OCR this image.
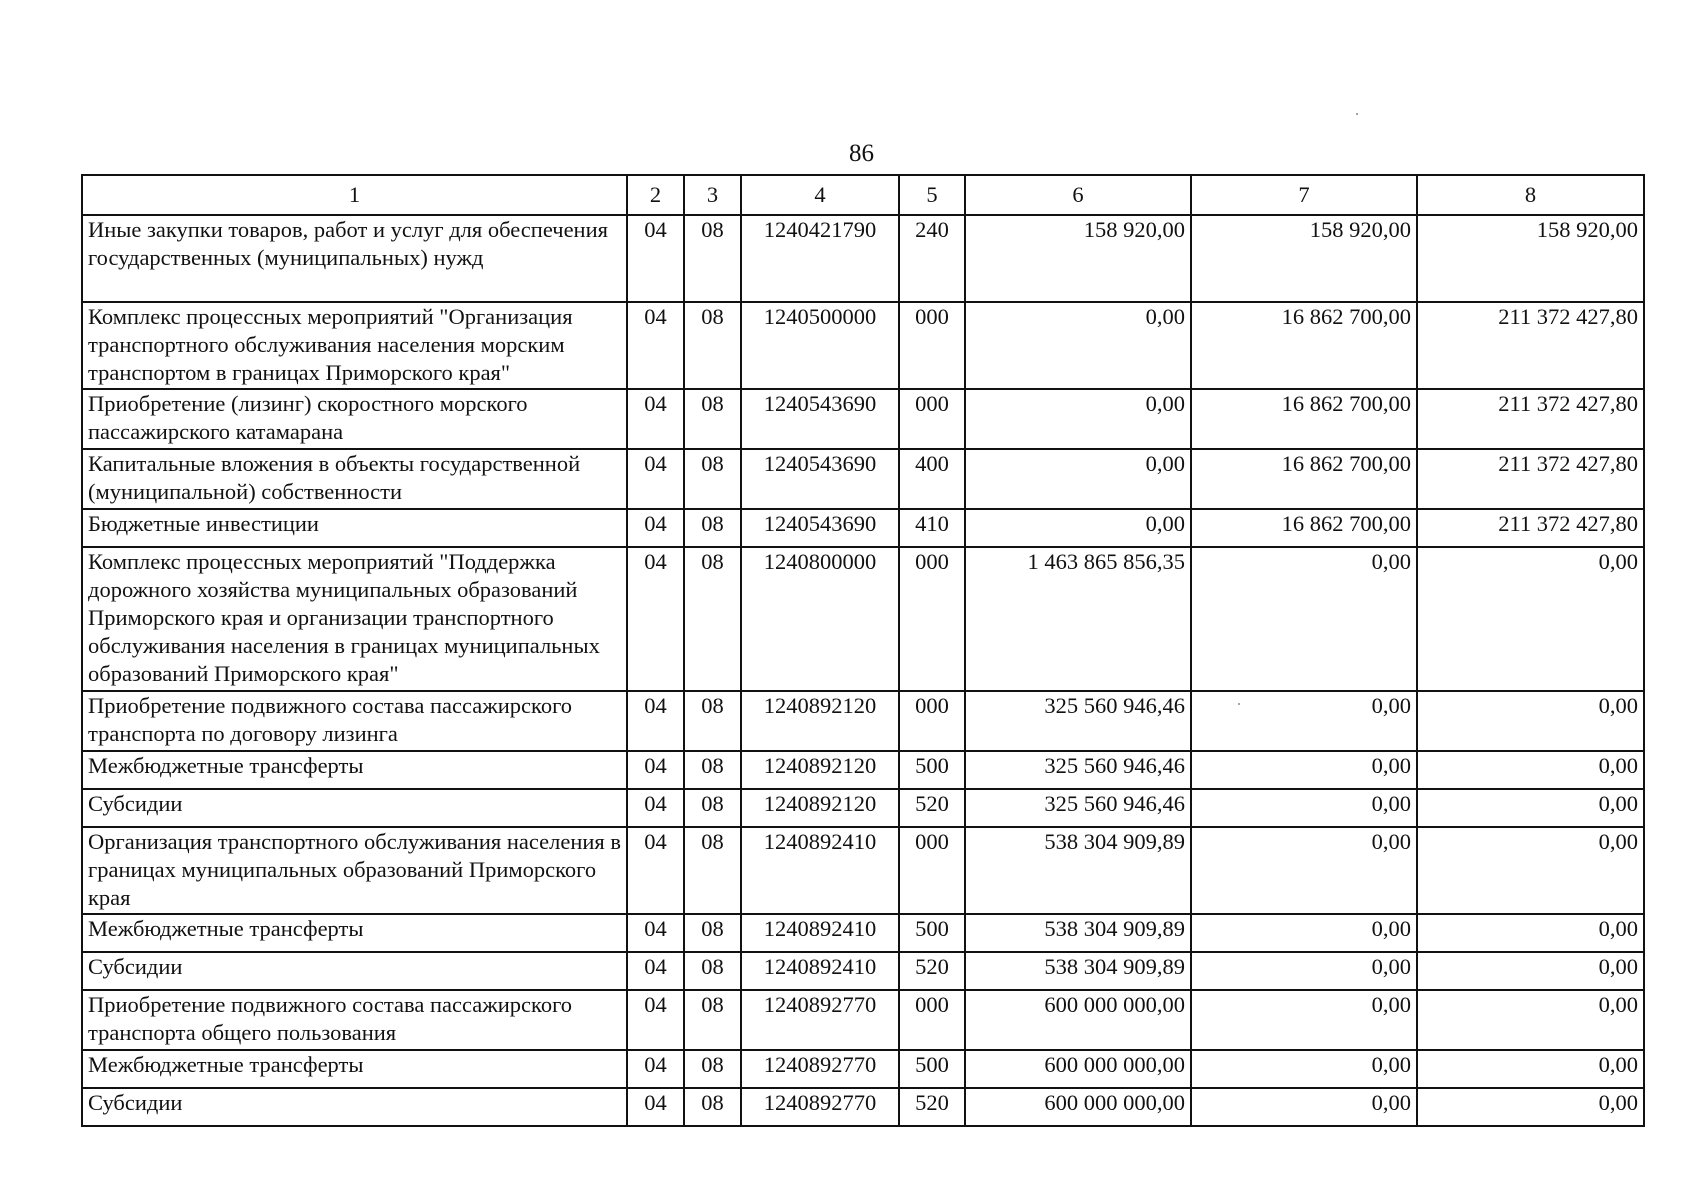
86
1	2	3	4	5	6	7	8
Иные закупки товаров, работ и услуг для обеспечения государственных (муниципальных) нужд	04	08	1240421790	240	158 920,00	158 920,00	158 920,00
Комплекс процессных мероприятий "Организация транспортного обслуживания населения морским транспортом в границах Приморского края"	04	08	1240500000	000	0,00	16 862 700,00	211 372 427,80
Приобретение (лизинг) скоростного морского пассажирского катамарана	04	08	1240543690	000	0,00	16 862 700,00	211 372 427,80
Капитальные вложения в объекты государственной (муниципальной) собственности	04	08	1240543690	400	0,00	16 862 700,00	211 372 427,80
Бюджетные инвестиции	04	08	1240543690	410	0,00	16 862 700,00	211 372 427,80
Комплекс процессных мероприятий "Поддержка дорожного хозяйства муниципальных образований Приморского края и организации транспортного обслуживания населения в границах муниципальных образований Приморского края"	04	08	1240800000	000	1 463 865 856,35	0,00	0,00
Приобретение подвижного состава пассажирского транспорта по договору лизинга	04	08	1240892120	000	325 560 946,46	0,00	0,00
Межбюджетные трансферты	04	08	1240892120	500	325 560 946,46	0,00	0,00
Субсидии	04	08	1240892120	520	325 560 946,46	0,00	0,00
Организация транспортного обслуживания населения в границах муниципальных образований Приморского края	04	08	1240892410	000	538 304 909,89	0,00	0,00
Межбюджетные трансферты	04	08	1240892410	500	538 304 909,89	0,00	0,00
Субсидии	04	08	1240892410	520	538 304 909,89	0,00	0,00
Приобретение подвижного состава пассажирского транспорта общего пользования	04	08	1240892770	000	600 000 000,00	0,00	0,00
Межбюджетные трансферты	04	08	1240892770	500	600 000 000,00	0,00	0,00
Субсидии	04	08	1240892770	520	600 000 000,00	0,00	0,00
